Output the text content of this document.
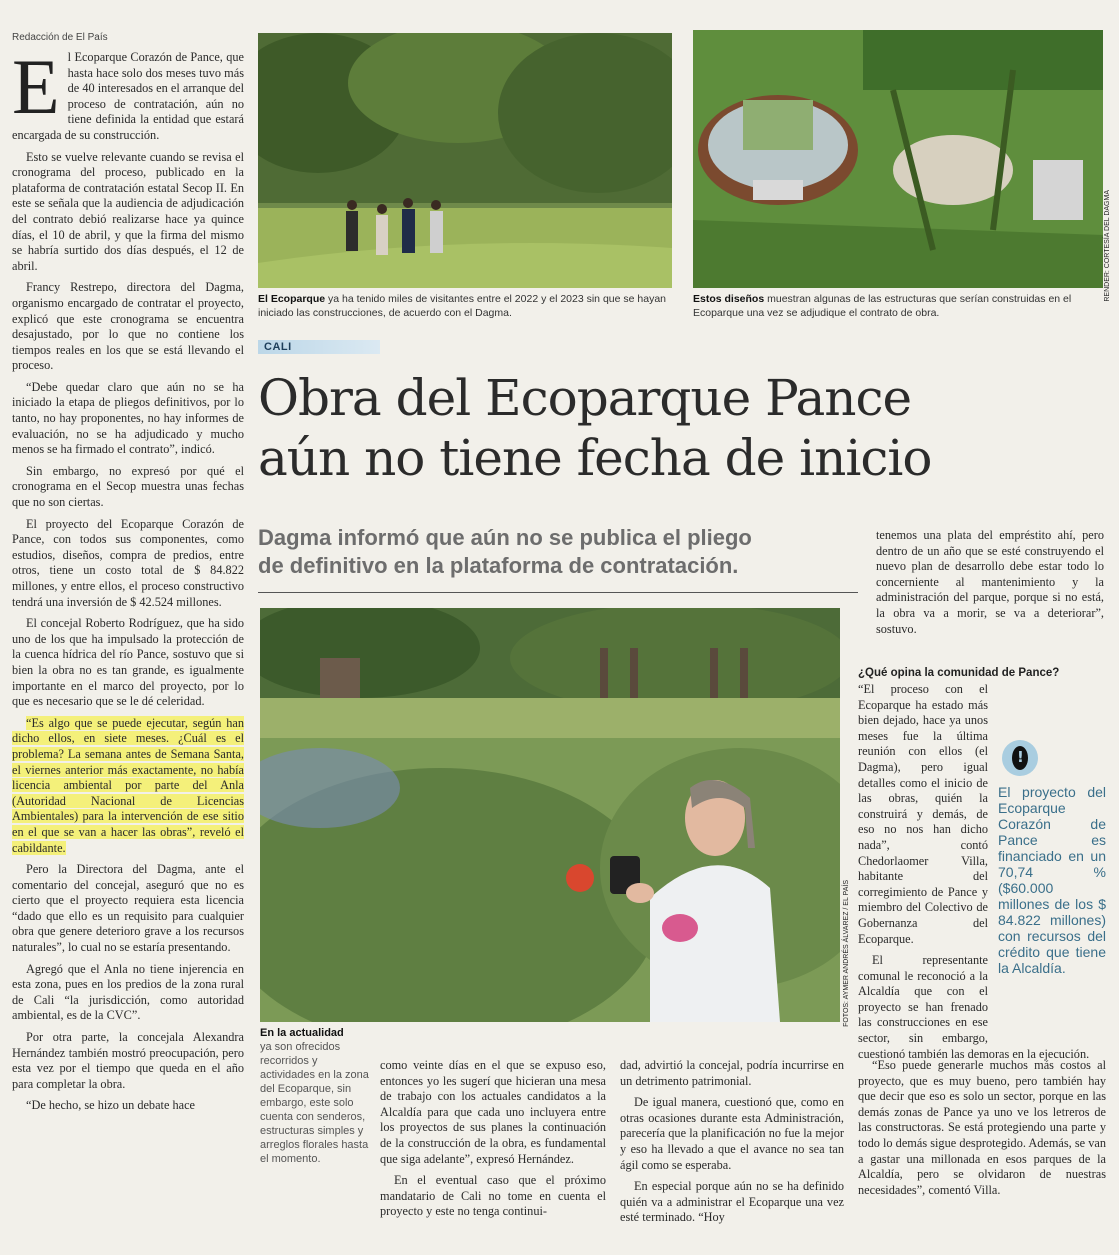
Redacción de El País

El Ecoparque Corazón de Pance, que hasta hace solo dos meses tuvo más de 40 interesados en el arranque del proceso de contratación, aún no tiene definida la entidad que estará encargada de su construcción.

Esto se vuelve relevante cuando se revisa el cronograma del proceso, publicado en la plataforma de contratación estatal Secop II. En este se señala que la audiencia de adjudicación del contrato debió realizarse hace ya quince días, el 10 de abril, y que la firma del mismo se habría surtido dos días después, el 12 de abril.

Francy Restrepo, directora del Dagma, organismo encargado de contratar el proyecto, explicó que este cronograma se encuentra desajustado, por lo que no contiene los tiempos reales en los que se está llevando el proceso.

“Debe quedar claro que aún no se ha iniciado la etapa de pliegos definitivos, por lo tanto, no hay proponentes, no hay informes de evaluación, no se ha adjudicado y mucho menos se ha firmado el contrato”, indicó.

Sin embargo, no expresó por qué el cronograma en el Secop muestra unas fechas que no son ciertas.

El proyecto del Ecoparque Corazón de Pance, con todos sus componentes, como estudios, diseños, compra de predios, entre otros, tiene un costo total de $ 84.822 millones, y entre ellos, el proceso constructivo tendrá una inversión de $ 42.524 millones.

El concejal Roberto Rodríguez, que ha sido uno de los que ha impulsado la protección de la cuenca hídrica del río Pance, sostuvo que si bien la obra no es tan grande, es igualmente importante en el marco del proyecto, por lo que es necesario que se le dé celeridad.

“Es algo que se puede ejecutar, según han dicho ellos, en siete meses. ¿Cuál es el problema? La semana antes de Semana Santa, el viernes anterior más exactamente, no había licencia ambiental por parte del Anla (Autoridad Nacional de Licencias Ambientales) para la intervención de ese sitio en el que se van a hacer las obras”, reveló el cabildante.

Pero la Directora del Dagma, ante el comentario del concejal, aseguró que no es cierto que el proyecto requiera esta licencia “dado que ello es un requisito para cualquier obra que genere deterioro grave a los recursos naturales”, lo cual no se estaría presentando.

Agregó que el Anla no tiene injerencia en esta zona, pues en los predios de la zona rural de Cali “la jurisdicción, como autoridad ambiental, es de la CVC”.

Por otra parte, la concejala Alexandra Hernández también mostró preocupación, pero esta vez por el tiempo que queda en el año para completar la obra.

“De hecho, se hizo un debate hace

RENDER: CORTESÍA DEL DAGMA
El Ecoparque ya ha tenido miles de visitantes entre el 2022 y el 2023 sin que se hayan iniciado las construcciones, de acuerdo con el Dagma.
Estos diseños muestran algunas de las estructuras que serían construidas en el Ecoparque una vez se adjudique el contrato de obra.
CALI
Obra del Ecoparque Pance
aún no tiene fecha de inicio
Dagma informó que aún no se publica el pliego
de definitivo en la plataforma de contratación.

tenemos una plata del empréstito ahí, pero dentro de un año que se esté construyendo el nuevo plan de desarrollo debe estar todo lo concerniente al mantenimiento y la administración del parque, porque si no está, la obra va a morir, se va a deteriorar”, sostuvo.

FOTOS: AYMER ANDRÉS ÁLVAREZ / EL PAÍS
¿Qué opina la comunidad de Pance?
!
El proyecto del Ecoparque Corazón de Pance es financiado en un 70,74 % ($60.000 millones de los $ 84.822 millones) con recursos del crédito que tiene la Alcaldía.

“El proceso con el Ecoparque ha estado más bien dejado, hace ya unos meses fue la última reunión con ellos (el Dagma), pero igual detalles como el inicio de las obras, quién la construirá y demás, de eso no nos han dicho nada”, contó Chedorlaomer Villa, habitante del corregimiento de Pance y miembro del Colectivo de Gobernanza del Ecoparque.

El representante comunal le reconoció a la Alcaldía que con el proyecto se han frenado las construcciones en ese sector, sin embargo, cuestionó también las demoras en la ejecución.

“Eso puede generarle muchos más costos al proyecto, que es muy bueno, pero también hay que decir que eso es solo un sector, porque en las demás zonas de Pance ya uno ve los letreros de las constructoras. Se está protegiendo una parte y todo lo demás sigue desprotegido. Además, se van a gastar una millonada en esos parques de la Alcaldía, pero se olvidaron de nuestras necesidades”, comentó Villa.

En la actualidad
ya son ofrecidos recorridos y actividades en la zona del Ecoparque, sin embargo, este solo cuenta con senderos, estructuras simples y arreglos florales hasta el momento.

como veinte días en el que se expuso eso, entonces yo les sugerí que hicieran una mesa de trabajo con los actuales candidatos a la Alcaldía para que cada uno incluyera entre los proyectos de sus planes la continuación de la construcción de la obra, es fundamental que siga adelante”, expresó Hernández.

En el eventual caso que el próximo mandatario de Cali no tome en cuenta el proyecto y este no tenga continui-

dad, advirtió la concejal, podría incurrirse en un detrimento patrimonial.

De igual manera, cuestionó que, como en otras ocasiones durante esta Administración, parecería que la planificación no fue la mejor y eso ha llevado a que el avance no sea tan ágil como se esperaba.

En especial porque aún no se ha definido quién va a administrar el Ecoparque una vez esté terminado. “Hoy
